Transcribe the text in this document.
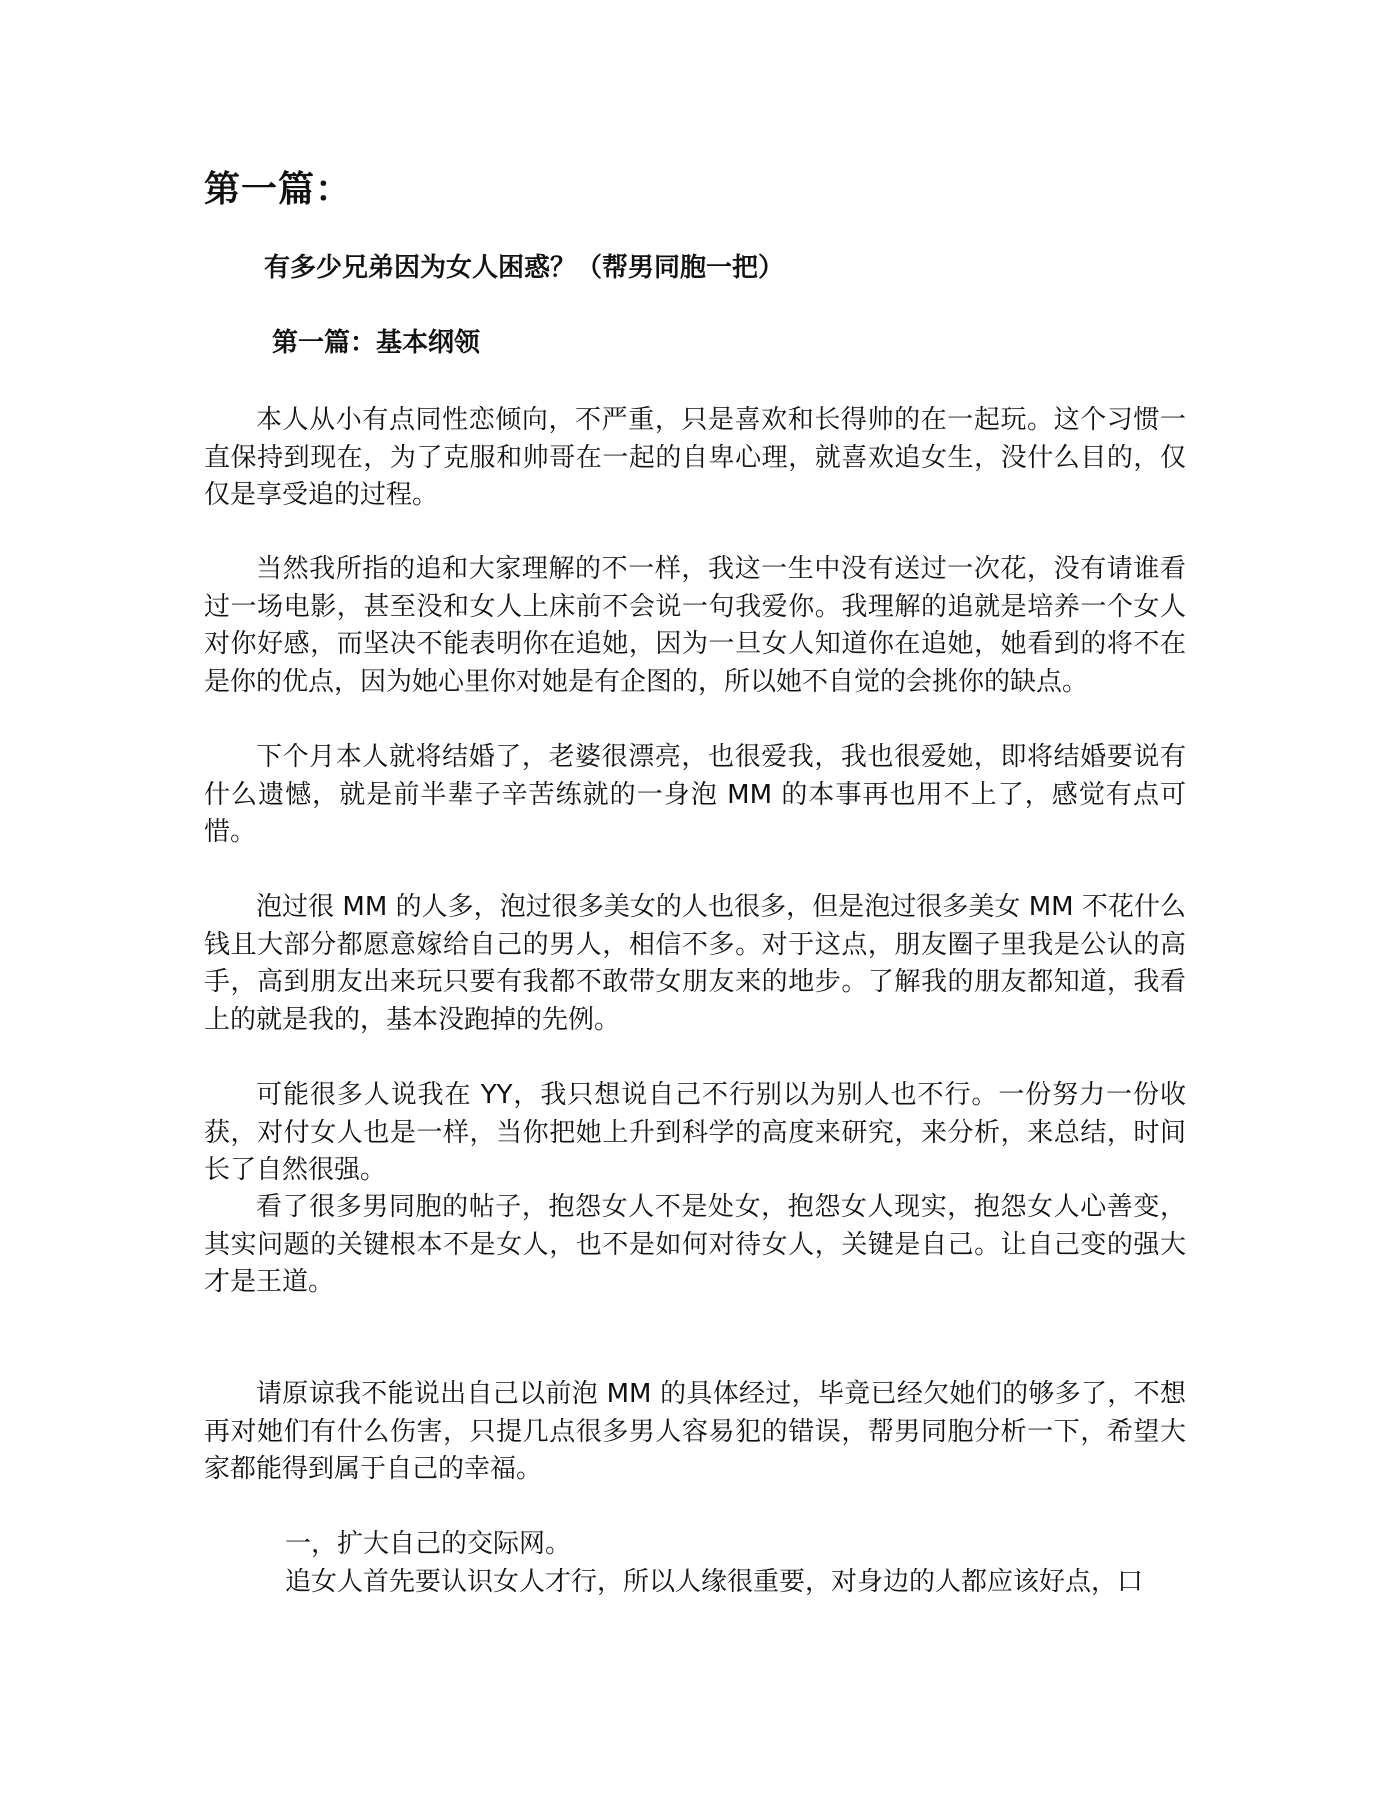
第一篇：
有多少兄弟因为女人困惑？（帮男同胞一把）
第一篇：基本纲领

本人从小有点同性恋倾向，不严重，只是喜欢和长得帅的在一起玩。这个习惯一直保持到现在，为了克服和帅哥在一起的自卑心理，就喜欢追女生，没什么目的，仅仅是享受追的过程。

当然我所指的追和大家理解的不一样，我这一生中没有送过一次花，没有请谁看过一场电影，甚至没和女人上床前不会说一句我爱你。我理解的追就是培养一个女人对你好感，而坚决不能表明你在追她，因为一旦女人知道你在追她，她看到的将不在是你的优点，因为她心里你对她是有企图的，所以她不自觉的会挑你的缺点。

下个月本人就将结婚了，老婆很漂亮，也很爱我，我也很爱她，即将结婚要说有什么遗憾，就是前半辈子辛苦练就的一身泡 MM 的本事再也用不上了，感觉有点可惜。

泡过很 MM 的人多，泡过很多美女的人也很多，但是泡过很多美女 MM 不花什么钱且大部分都愿意嫁给自己的男人，相信不多。对于这点，朋友圈子里我是公认的高手，高到朋友出来玩只要有我都不敢带女朋友来的地步。了解我的朋友都知道，我看上的就是我的，基本没跑掉的先例。

可能很多人说我在 YY，我只想说自己不行别以为别人也不行。一份努力一份收获，对付女人也是一样，当你把她上升到科学的高度来研究，来分析，来总结，时间长了自然很强。

看了很多男同胞的帖子，抱怨女人不是处女，抱怨女人现实，抱怨女人心善变，其实问题的关键根本不是女人，也不是如何对待女人，关键是自己。让自己变的强大才是王道。

请原谅我不能说出自己以前泡 MM 的具体经过，毕竟已经欠她们的够多了，不想再对她们有什么伤害，只提几点很多男人容易犯的错误，帮男同胞分析一下，希望大家都能得到属于自己的幸福。

一，扩大自己的交际网。
追女人首先要认识女人才行，所以人缘很重要，对身边的人都应该好点，口
